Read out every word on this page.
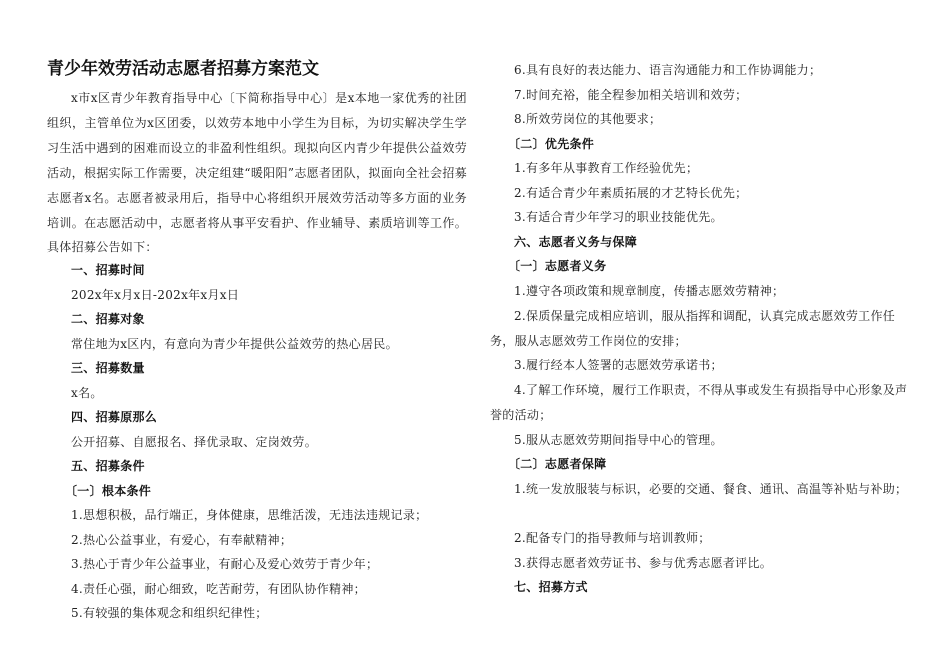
青少年效劳活动志愿者招募方案范文

x市x区青少年教育指导中心〔下简称指导中心〕是x本地一家优秀的社团组织，主管单位为x区团委，以效劳本地中小学生为目标，为切实解决学生学习生活中遇到的困难而设立的非盈利性组织。现拟向区内青少年提供公益效劳活动，根据实际工作需要，决定组建“暖阳阳”志愿者团队，拟面向全社会招募志愿者x名。志愿者被录用后，指导中心将组织开展效劳活动等多方面的业务培训。在志愿活动中，志愿者将从事平安看护、作业辅导、素质培训等工作。具体招募公告如下：

一、招募时间
202x年x月x日-202x年x月x日
二、招募对象
常住地为x区内，有意向为青少年提供公益效劳的热心居民。
三、招募数量
x名。
四、招募原那么
公开招募、自愿报名、择优录取、定岗效劳。
五、招募条件
〔一〕根本条件
1.思想积极，品行端正，身体健康，思维活泼，无违法违规记录；
2.热心公益事业，有爱心，有奉献精神；
3.热心于青少年公益事业，有耐心及爱心效劳于青少年；
4.责任心强，耐心细致，吃苦耐劳，有团队协作精神；
5.有较强的集体观念和组织纪律性；
6.具有良好的表达能力、语言沟通能力和工作协调能力；
7.时间充裕，能全程参加相关培训和效劳；
8.所效劳岗位的其他要求；
〔二〕优先条件
1.有多年从事教育工作经验优先；
2.有适合青少年素质拓展的才艺特长优先；
3.有适合青少年学习的职业技能优先。
六、志愿者义务与保障
〔一〕志愿者义务
1.遵守各项政策和规章制度，传播志愿效劳精神；
2.保质保量完成相应培训，服从指挥和调配，认真完成志愿效劳工作任务，服从志愿效劳工作岗位的安排；
3.履行经本人签署的志愿效劳承诺书；
4.了解工作环境，履行工作职责，不得从事或发生有损指导中心形象及声誉的活动；
5.服从志愿效劳期间指导中心的管理。
〔二〕志愿者保障
1.统一发放服装与标识，必要的交通、餐食、通讯、高温等补贴与补助；
2.配备专门的指导教师与培训教师；
3.获得志愿者效劳证书、参与优秀志愿者评比。
七、招募方式
